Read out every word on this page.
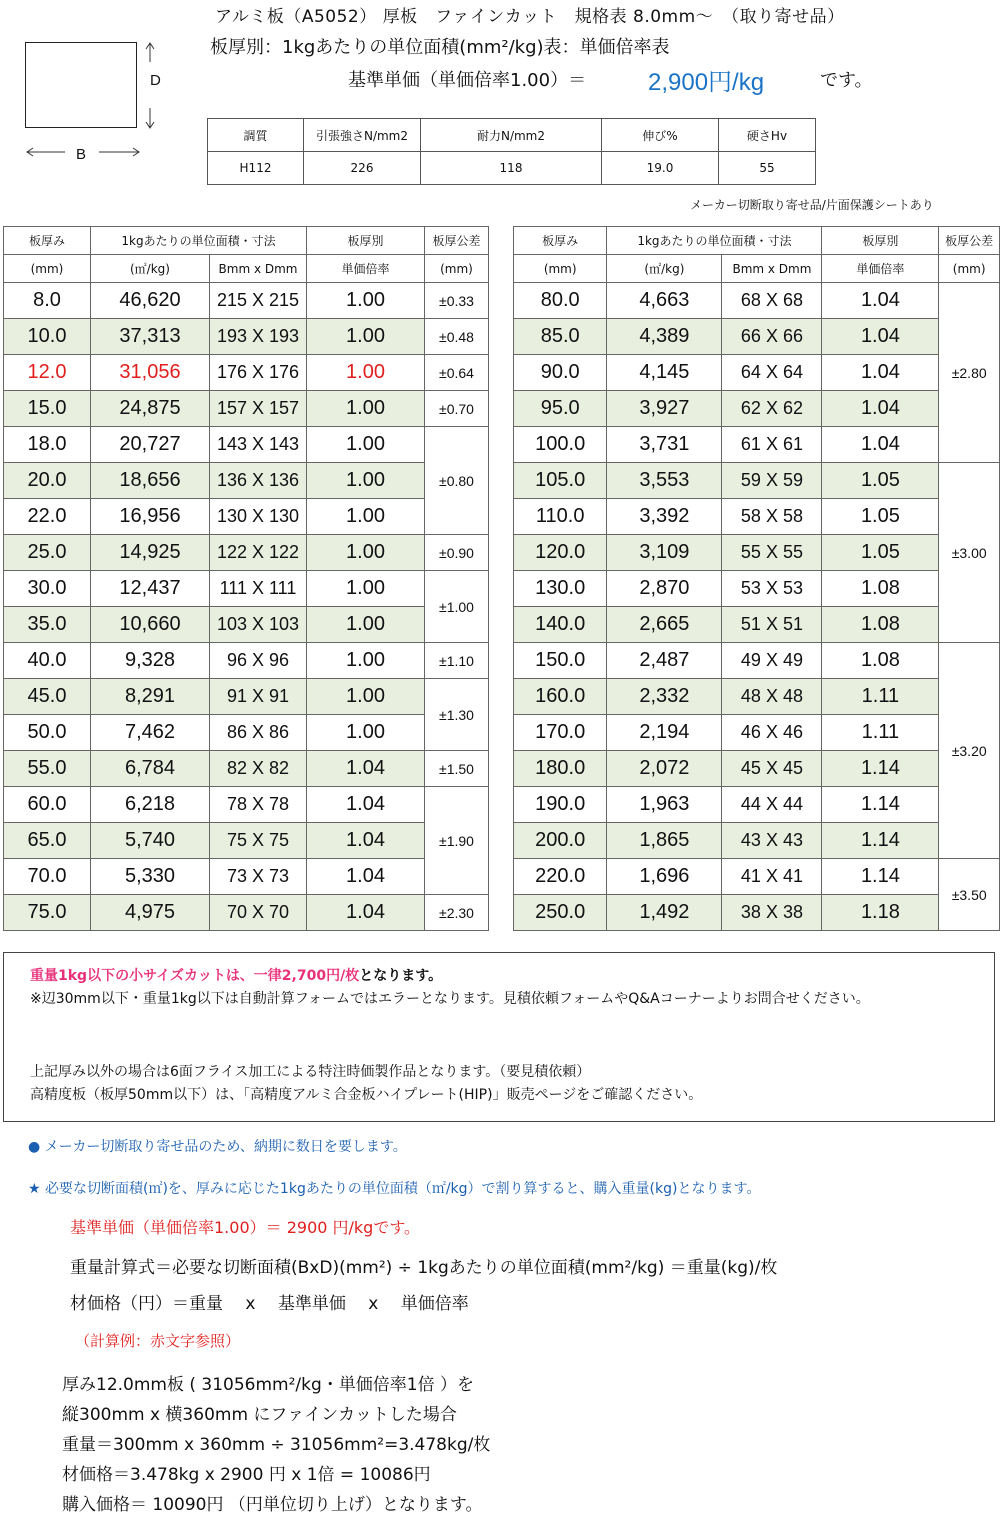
アルミ板（A5052） 厚板　ファインカット　規格表 8.0mm～　（取り寄せ品）
板厚別：1kgあたりの単位面積(mm²/kg)表：単価倍率表
基準単価（単価倍率1.00）＝	2,900円/kg	です。
D
B
調質	引張強さN/mm2	耐力N/mm2	伸び%	硬さHv
H112	226	118	19.0	55
メーカー切断取り寄せ品/片面保護シートあり
板厚み	1kgあたりの単位面積・寸法		板厚別	板厚公差
(mm)	(㎡/kg)	Bmm x Dmm	単価倍率	(mm)
8.0	46,620	215 X 215	1.00	±0.33
10.0	37,313	193 X 193	1.00	±0.48
12.0	31,056	176 X 176	1.00	±0.64
15.0	24,875	157 X 157	1.00	±0.70
18.0	20,727	143 X 143	1.00	±0.80
20.0	18,656	136 X 136	1.00	
22.0	16,956	130 X 130	1.00	
25.0	14,925	122 X 122	1.00	±0.90
30.0	12,437	111 X 111	1.00	±1.00
35.0	10,660	103 X 103	1.00	
40.0	9,328	96 X 96	1.00	±1.10
45.0	8,291	91 X 91	1.00	±1.30
50.0	7,462	86 X 86	1.00	
55.0	6,784	82 X 82	1.04	±1.50
60.0	6,218	78 X 78	1.04	±1.90
65.0	5,740	75 X 75	1.04	
70.0	5,330	73 X 73	1.04	
75.0	4,975	70 X 70	1.04	±2.30
板厚み	1kgあたりの単位面積・寸法		板厚別	板厚公差
(mm)	(㎡/kg)	Bmm x Dmm	単価倍率	(mm)
80.0	4,663	68 X 68	1.04	±2.80
85.0	4,389	66 X 66	1.04	
90.0	4,145	64 X 64	1.04	
95.0	3,927	62 X 62	1.04	
100.0	3,731	61 X 61	1.04	
105.0	3,553	59 X 59	1.05	±3.00
110.0	3,392	58 X 58	1.05	
120.0	3,109	55 X 55	1.05	
130.0	2,870	53 X 53	1.08	
140.0	2,665	51 X 51	1.08	
150.0	2,487	49 X 49	1.08	±3.20
160.0	2,332	48 X 48	1.11	
170.0	2,194	46 X 46	1.11	
180.0	2,072	45 X 45	1.14	
190.0	1,963	44 X 44	1.14	
200.0	1,865	43 X 43	1.14	
220.0	1,696	41 X 41	1.14	±3.50
250.0	1,492	38 X 38	1.18	
重量1kg以下の小サイズカットは、一律2,700円/枚となります。
※辺30mm以下・重量1kg以下は自動計算フォームではエラーとなります。見積依頼フォームやQ&Aコーナーよりお問合せください。
上記厚み以外の場合は6面フライス加工による特注時価製作品となります。（要見積依頼）
高精度板（板厚50mm以下）は、「高精度アルミ合金板ハイプレート(HIP)」販売ページをご確認ください。
● メーカー切断取り寄せ品のため、納期に数日を要します。
★ 必要な切断面積(㎡)を、厚みに応じた1kgあたりの単位面積（㎡/kg）で割り算すると、購入重量(kg)となります。
基準単価（単価倍率1.00）＝ 2900 円/kgです。
重量計算式＝必要な切断面積(BxD)(mm²) ÷ 1kgあたりの単位面積(mm²/kg) ＝重量(kg)/枚
材価格（円）＝重量　 x 　基準単価　 x　 単価倍率
（計算例：赤文字参照）
厚み12.0mm板 ( 31056mm²/kg・単価倍率1倍 ）を
縦300mm x 横360mm にファインカットした場合
重量＝300mm x 360mm ÷ 31056mm²=3.478kg/枚
材価格＝3.478kg x 2900 円 x 1倍 = 10086円
購入価格＝ 10090円 （円単位切り上げ）となります。
